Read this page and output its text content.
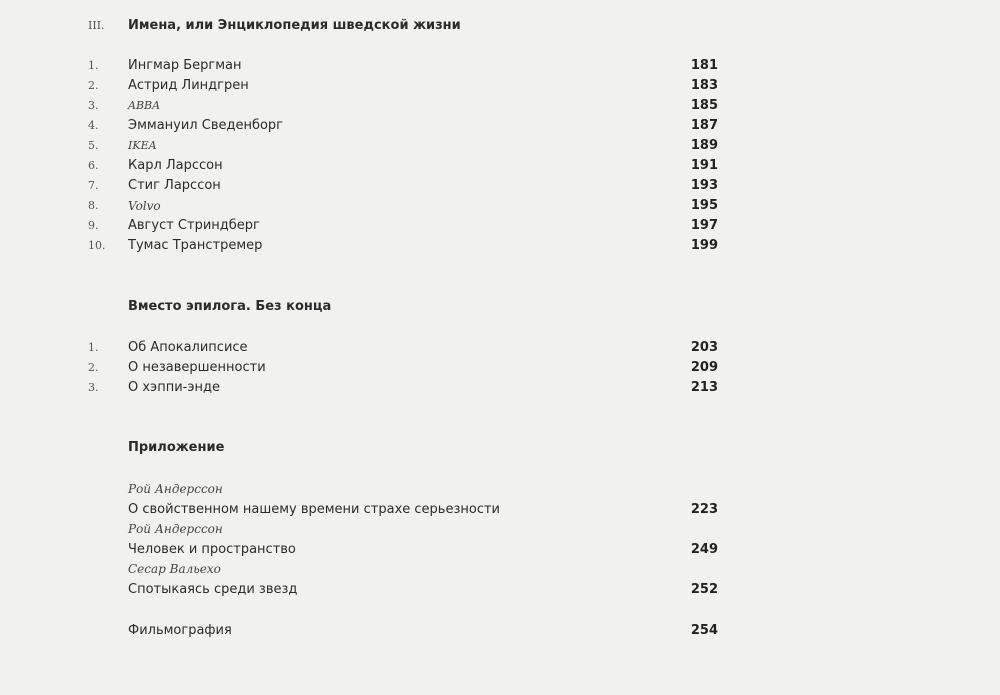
III. Имена, или Энциклопедия шведской жизни
1. Ингмар Бергман	181
2. Астрид Линдгрен	183
3.	ABBA	185
4. Эммануил Сведенборг	187
5.	IKEA	189
6. Карл Ларссон	191
7. Стиг Ларссон	193
8. Volvo	195
9. Август Стриндберг	197
10. Тумас Транстремер	199
Вместо эпилога. Без конца
1. Об Апокалипсисе	203
2. О незавершенности	209
3. О хэппи-энде	213
Приложение
Рой Андерссон
О свойственном нашему времени страхе серьезности	223
Рой Андерссон
Человек и пространство	249
Сесар Вальехо
Спотыкаясь среди звезд	252
Фильмография	254
